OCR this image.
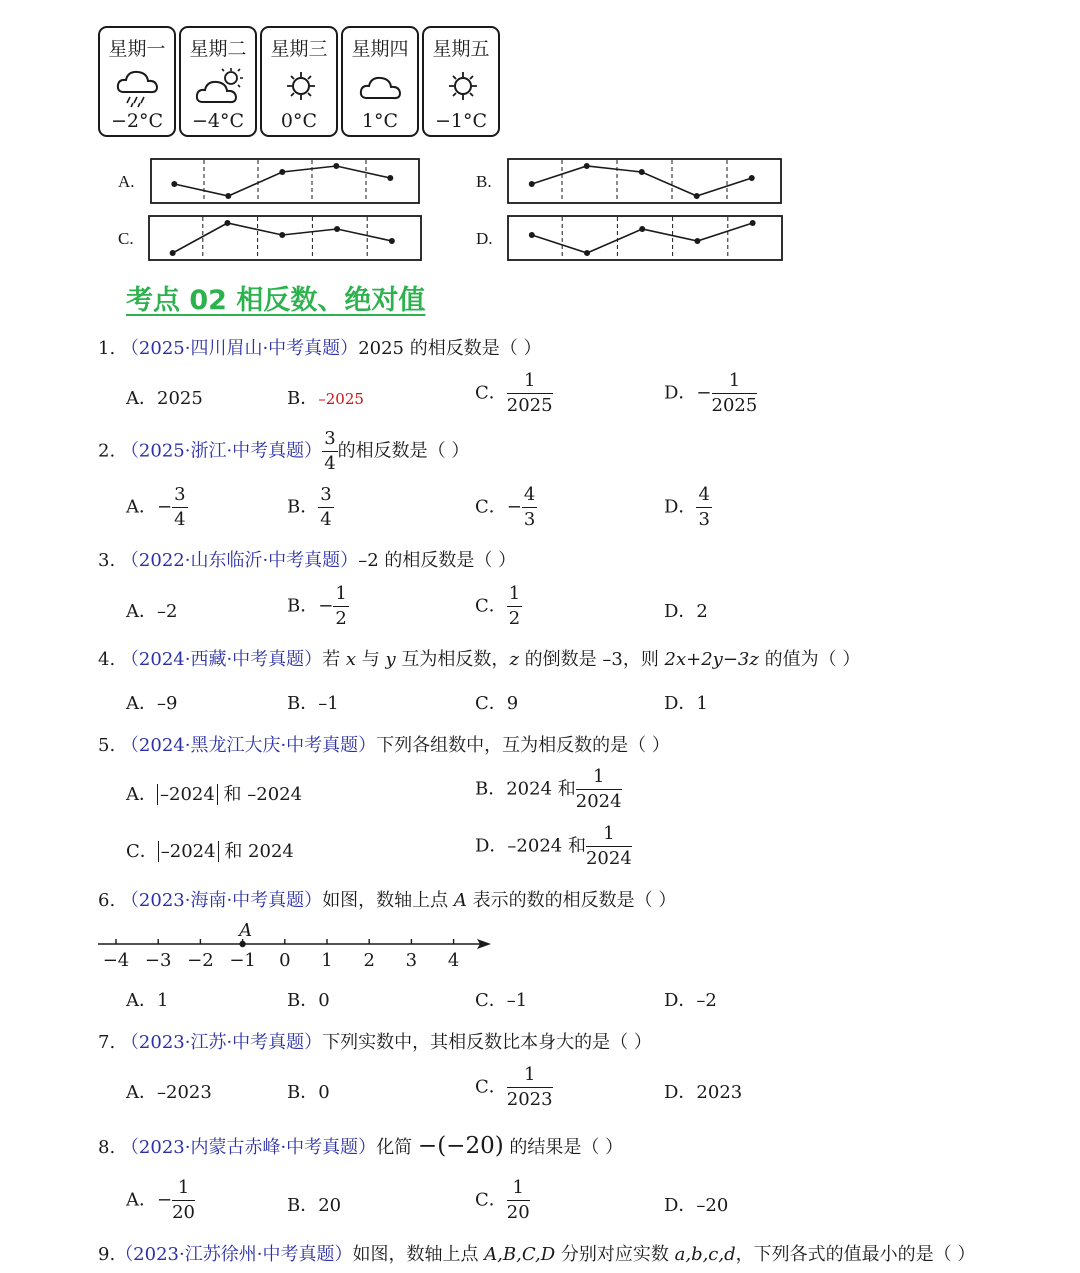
星期一
−2°C
星期二
−4°C
星期三
0°C
星期四
1°C
星期五
−1°C
A.	B.
C.	D.
考点 02 相反数、绝对值
1. （2025·四川眉山·中考真题）2025 的相反数是（ ）
A．2025	B．–2025	C． $\frac{1}{2025}$	D．− $\frac{1}{2025}$
2. （2025·浙江·中考真题） $\frac{3}{4}$ 的相反数是（ ）
A．− $\frac{3}{4}$	B． $\frac{3}{4}$	C．− $\frac{4}{3}$	D． $\frac{4}{3}$
3. （2022·山东临沂·中考真题）–2 的相反数是（ ）
A．–2	B．− $\frac{1}{2}$	C． $\frac{1}{2}$	D．2
4. （2024·西藏·中考真题）若 x 与 y 互为相反数，z 的倒数是 –3，则 2x+2y−3z 的值为（ ）
A．–9	B．–1	C．9	D．1
5. （2024·黑龙江大庆·中考真题）下列各组数中，互为相反数的是（ ）
A． –2024 和 –2024	B．2024 和 $\frac{1}{2024}$
C． –2024 和 2024	D．–2024 和 $\frac{1}{2024}$
6. （2023·海南·中考真题）如图，数轴上点 A 表示的数的相反数是（ ）
−4 −3 −2 −1 0 1 2 3 4
A
A．1	B．0	C．–1	D．–2
7. （2023·江苏·中考真题）下列实数中，其相反数比本身大的是（ ）
A．–2023	B．0	C． $\frac{1}{2023}$	D．2023
8. （2023·内蒙古赤峰·中考真题）化简 −(−20) 的结果是（ ）
A．− $\frac{1}{20}$	B．20	C． $\frac{1}{20}$	D．–20
9.（2023·江苏徐州·中考真题）如图，数轴上点 A,B,C,D 分别对应实数 a,b,c,d，下列各式的值最小的是（ ）
